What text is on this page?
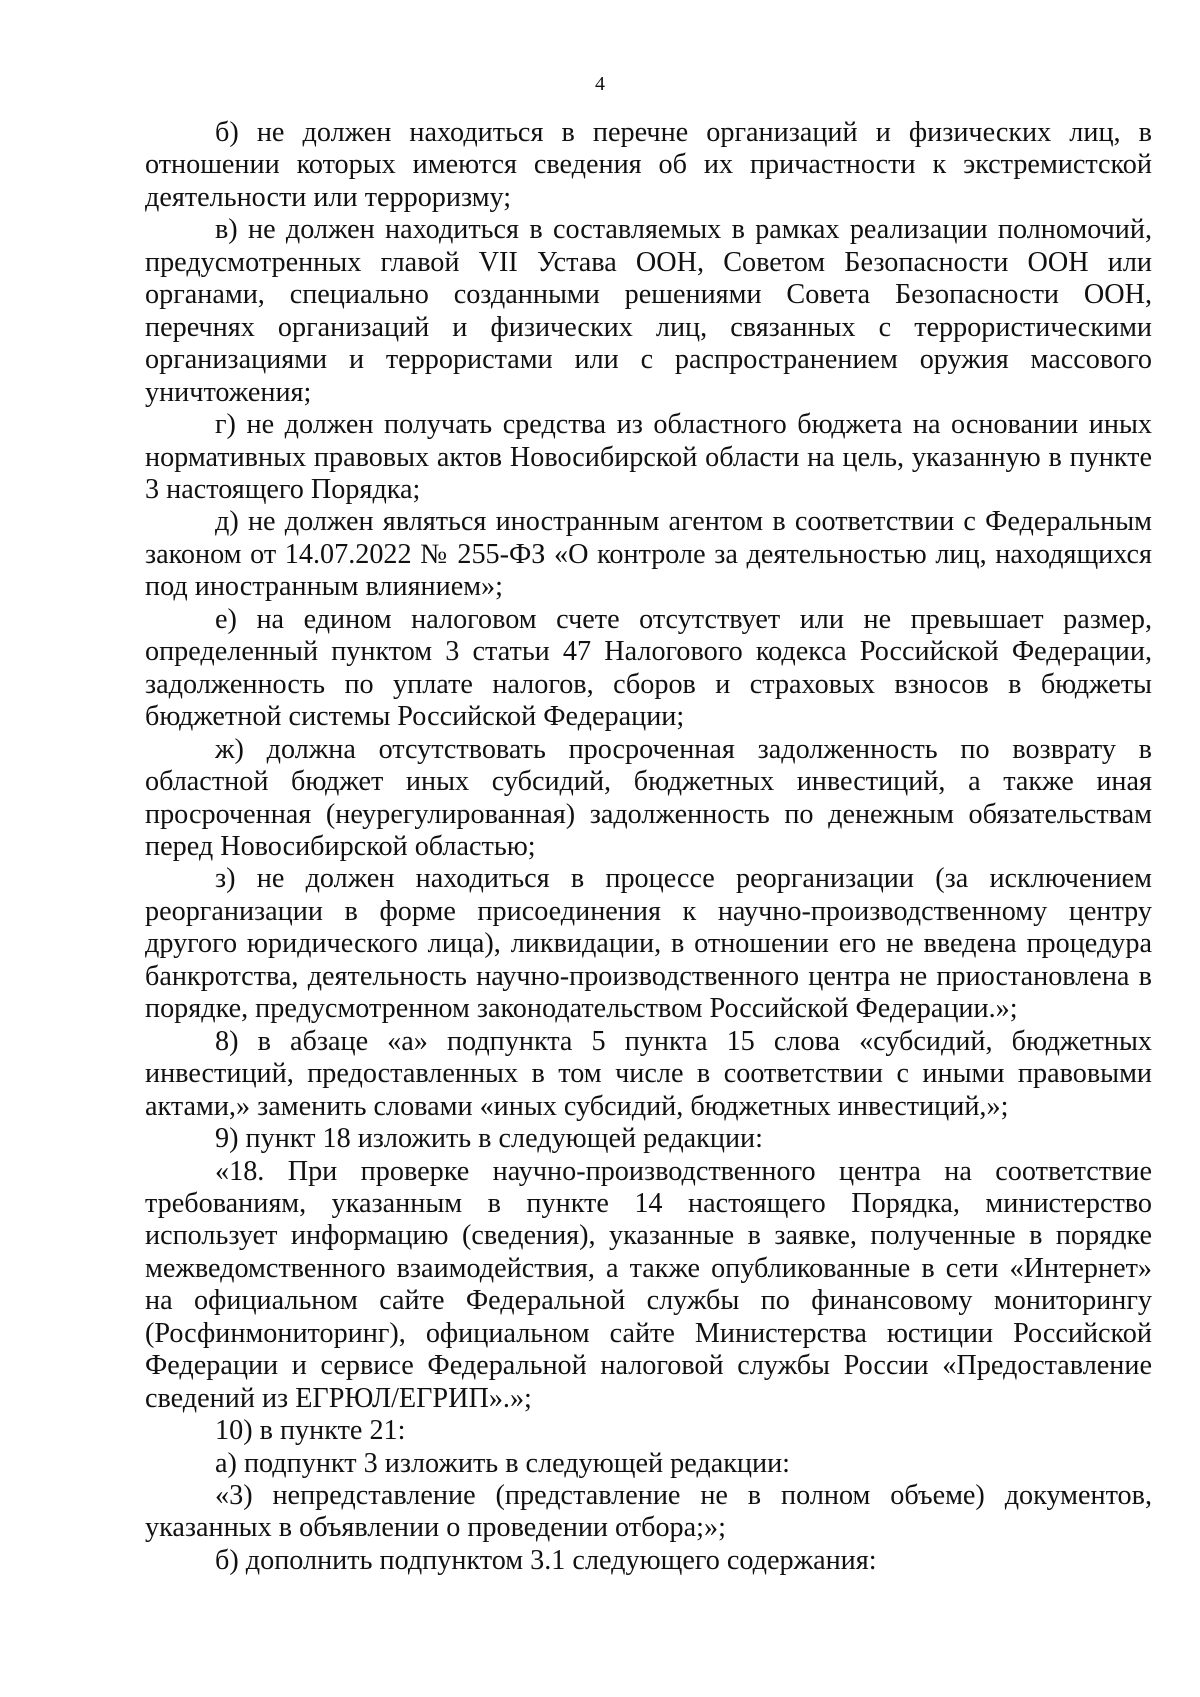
4

б) не должен находиться в перечне организаций и физических лиц, в отношении которых имеются сведения об их причастности к экстремистской деятельности или терроризму;

в) не должен находиться в составляемых в рамках реализации полномочий, предусмотренных главой VII Устава ООН, Советом Безопасности ООН или органами, специально созданными решениями Совета Безопасности ООН, перечнях организаций и физических лиц, связанных с террористическими организациями и террористами или с распространением оружия массового уничтожения;

г) не должен получать средства из областного бюджета на основании иных нормативных правовых актов Новосибирской области на цель, указанную в пункте 3 настоящего Порядка;

д) не должен являться иностранным агентом в соответствии с Федеральным законом от 14.07.2022 № 255-ФЗ «О контроле за деятельностью лиц, находящихся под иностранным влиянием»;

е) на едином налоговом счете отсутствует или не превышает размер, определенный пунктом 3 статьи 47 Налогового кодекса Российской Федерации, задолженность по уплате налогов, сборов и страховых взносов в бюджеты бюджетной системы Российской Федерации;

ж) должна отсутствовать просроченная задолженность по возврату в областной бюджет иных субсидий, бюджетных инвестиций, а также иная просроченная (неурегулированная) задолженность по денежным обязательствам перед Новосибирской областью;

з) не должен находиться в процессе реорганизации (за исключением реорганизации в форме присоединения к научно-производственному центру другого юридического лица), ликвидации, в отношении его не введена процедура банкротства, деятельность научно-производственного центра не приостановлена в порядке, предусмотренном законодательством Российской Федерации.»;

8) в абзаце «а» подпункта 5 пункта 15 слова «субсидий, бюджетных инвестиций, предоставленных в том числе в соответствии с иными правовыми актами,» заменить словами «иных субсидий, бюджетных инвестиций,»;

9) пункт 18 изложить в следующей редакции:

«18. При проверке научно-производственного центра на соответствие требованиям, указанным в пункте 14 настоящего Порядка, министерство использует информацию (сведения), указанные в заявке, полученные в порядке межведомственного взаимодействия, а также опубликованные в сети «Интернет» на официальном сайте Федеральной службы по финансовому мониторингу (Росфинмониторинг), официальном сайте Министерства юстиции Российской Федерации и сервисе Федеральной налоговой службы России «Предоставление сведений из ЕГРЮЛ/ЕГРИП».»;

10) в пункте 21:

а) подпункт 3 изложить в следующей редакции:

«3) непредставление (представление не в полном объеме) документов, указанных в объявлении о проведении отбора;»;

б) дополнить подпунктом 3.1 следующего содержания:
